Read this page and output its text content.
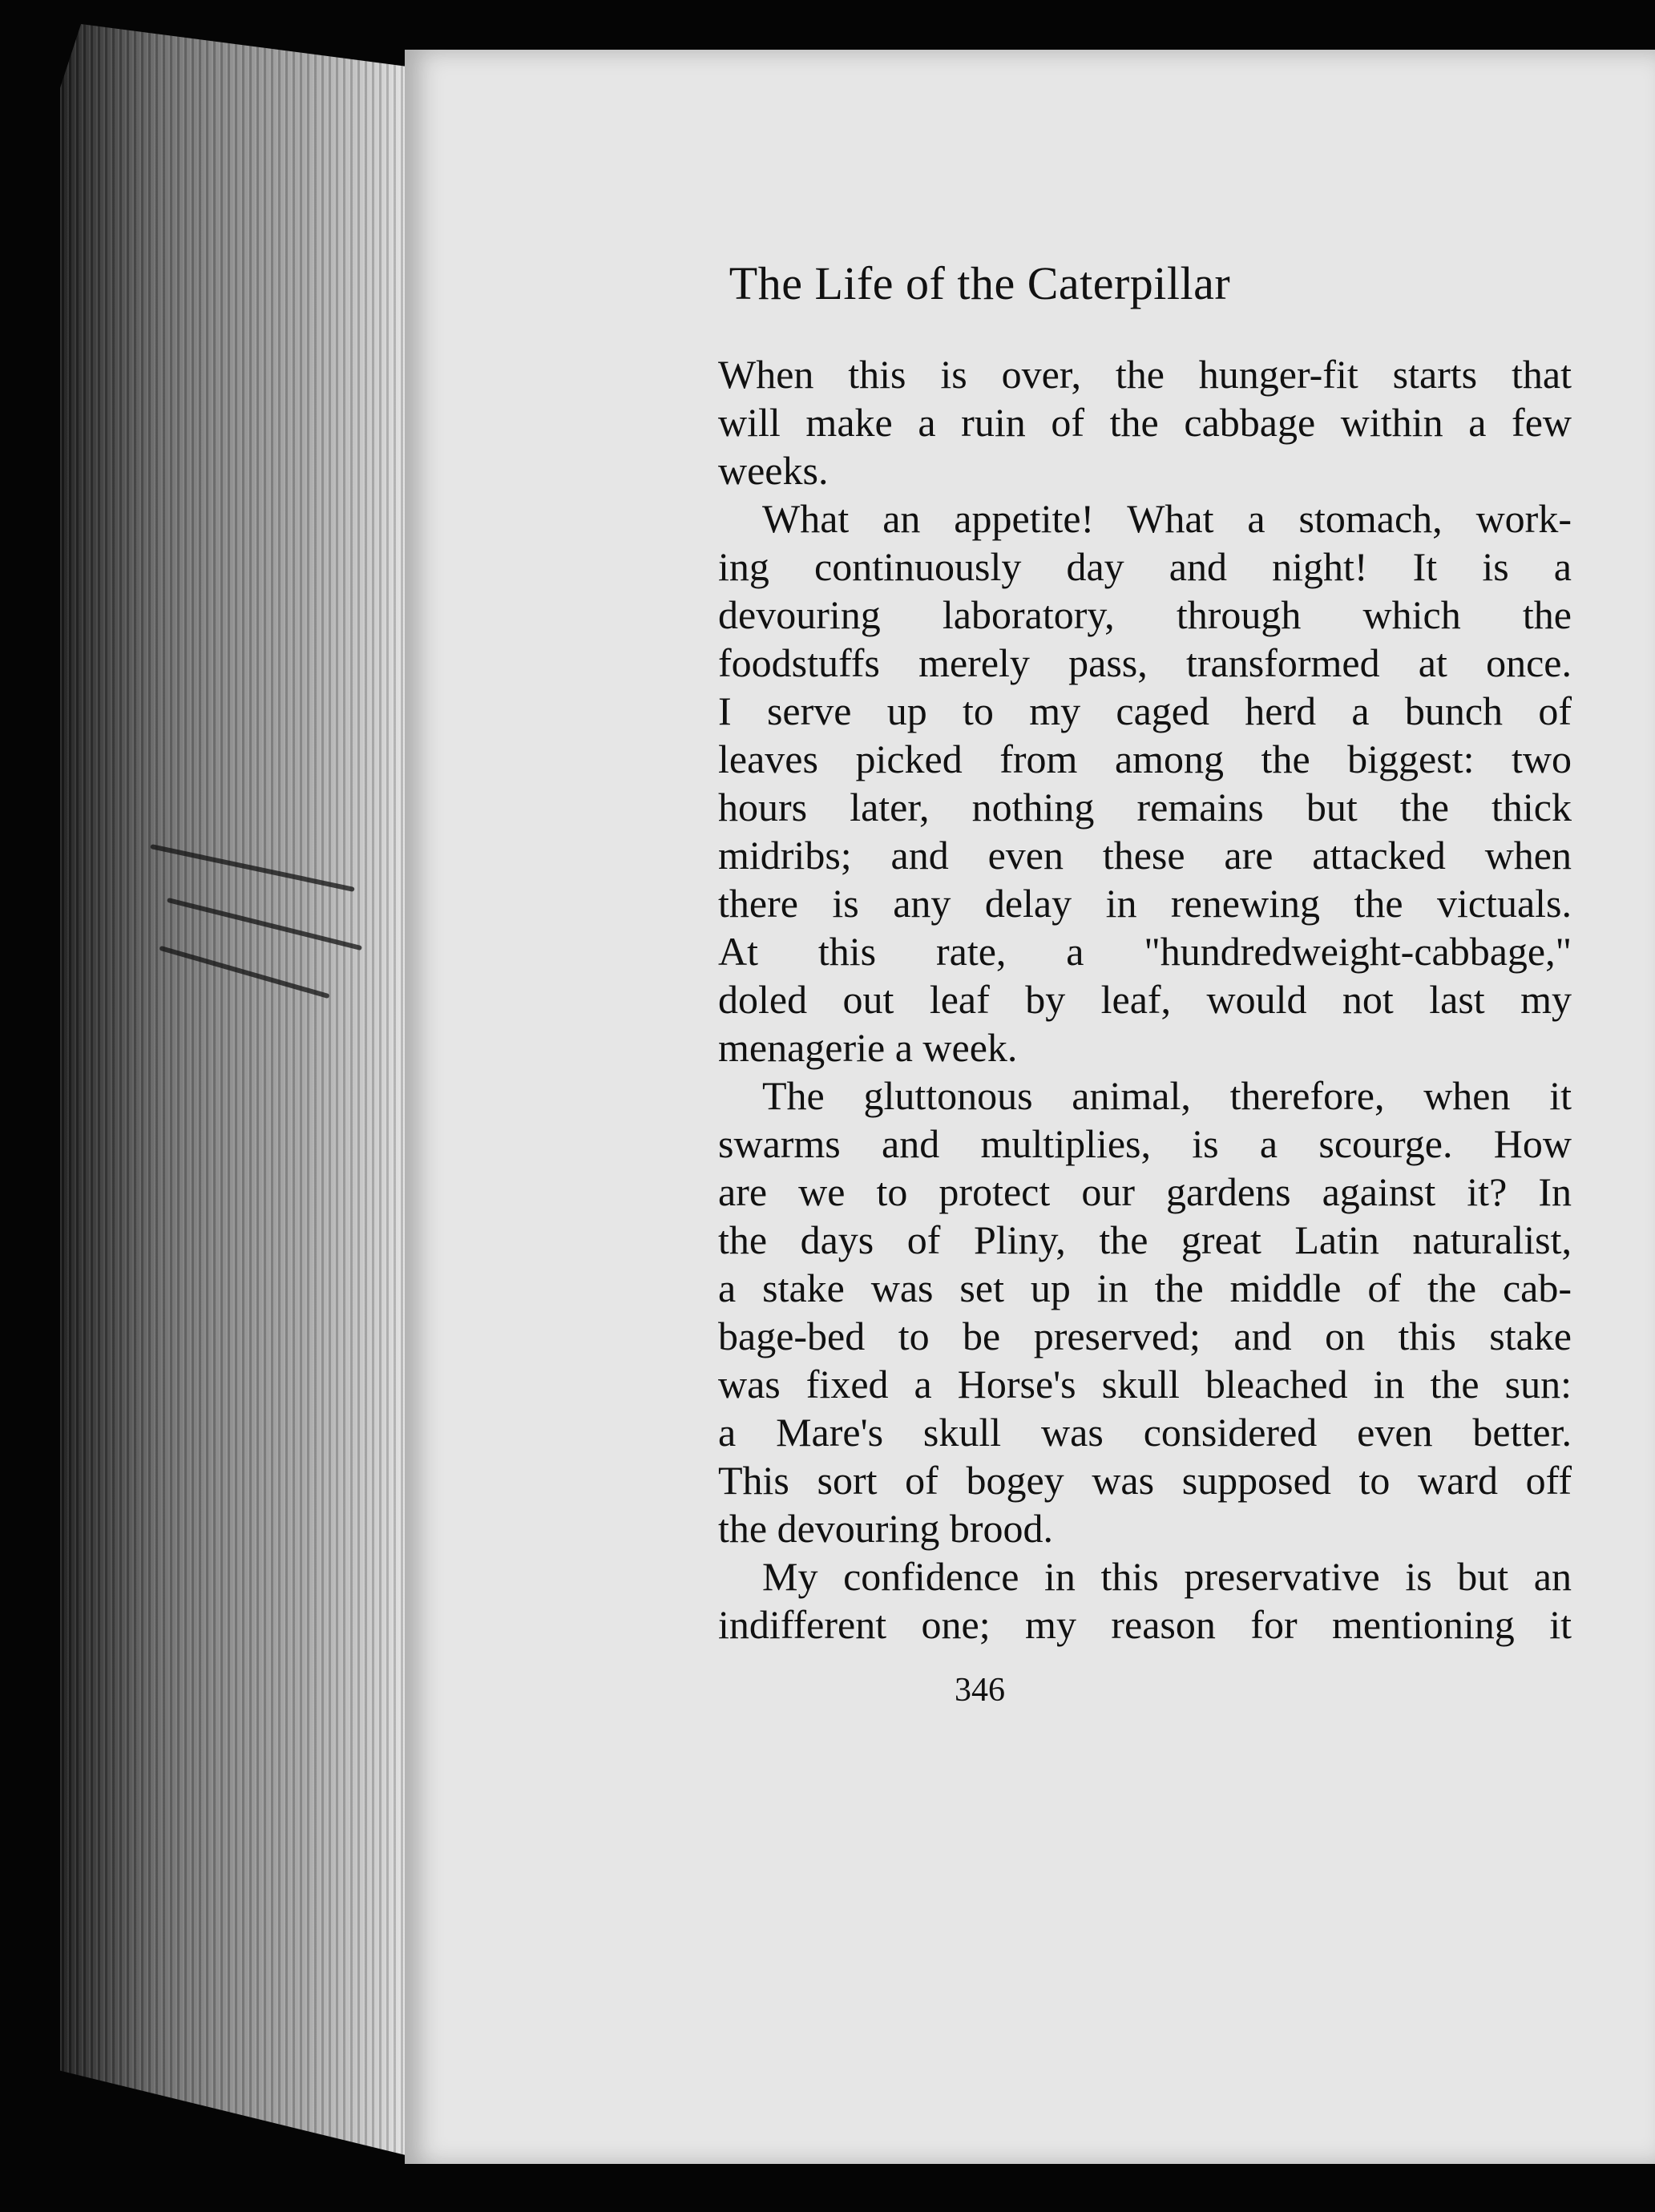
The Life of the Caterpillar
When this is over, the hunger-fit starts that
will make a ruin of the cabbage within a few
weeks.
What an appetite! What a stomach, work-
ing continuously day and night! It is a
devouring laboratory, through which the
foodstuffs merely pass, transformed at once.
I serve up to my caged herd a bunch of
leaves picked from among the biggest: two
hours later, nothing remains but the thick
midribs; and even these are attacked when
there is any delay in renewing the victuals.
At this rate, a "hundredweight-cabbage,"
doled out leaf by leaf, would not last my
menagerie a week.
The gluttonous animal, therefore, when it
swarms and multiplies, is a scourge. How
are we to protect our gardens against it? In
the days of Pliny, the great Latin naturalist,
a stake was set up in the middle of the cab-
bage-bed to be preserved; and on this stake
was fixed a Horse's skull bleached in the sun:
a Mare's skull was considered even better.
This sort of bogey was supposed to ward off
the devouring brood.
My confidence in this preservative is but an
indifferent one; my reason for mentioning it
346
